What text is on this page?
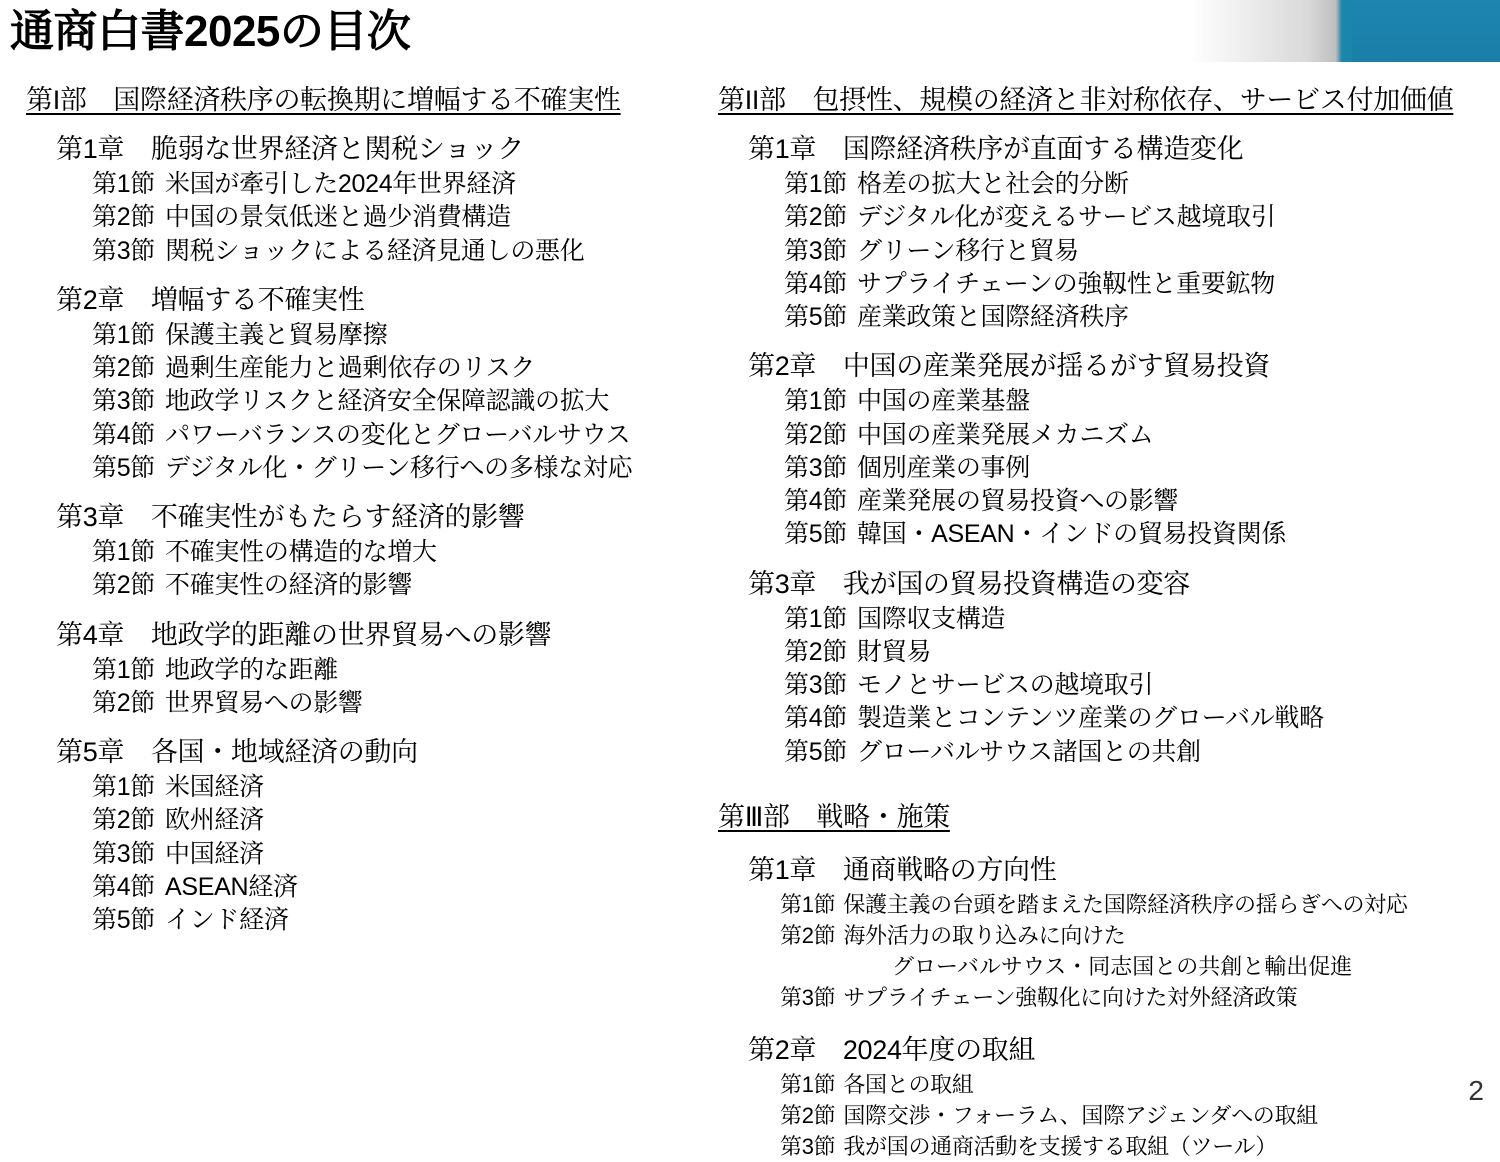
通商白書2025の目次
第I部　国際経済秩序の転換期に増幅する不確実性
第1章　脆弱な世界経済と関税ショック
第1節 米国が牽引した2024年世界経済
第2節 中国の景気低迷と過少消費構造
第3節 関税ショックによる経済見通しの悪化
第2章　増幅する不確実性
第1節 保護主義と貿易摩擦
第2節 過剰生産能力と過剰依存のリスク
第3節 地政学リスクと経済安全保障認識の拡大
第4節 パワーバランスの変化とグローバルサウス
第5節 デジタル化・グリーン移行への多様な対応
第3章　不確実性がもたらす経済的影響
第1節 不確実性の構造的な増大
第2節 不確実性の経済的影響
第4章　地政学的距離の世界貿易への影響
第1節 地政学的な距離
第2節 世界貿易への影響
第5章　各国・地域経済の動向
第1節 米国経済
第2節 欧州経済
第3節 中国経済
第4節 ASEAN経済
第5節 インド経済
第II部　包摂性、規模の経済と非対称依存、サービス付加価値
第1章　国際経済秩序が直面する構造変化
第1節 格差の拡大と社会的分断
第2節 デジタル化が変えるサービス越境取引
第3節 グリーン移行と貿易
第4節 サプライチェーンの強靱性と重要鉱物
第5節 産業政策と国際経済秩序
第2章　中国の産業発展が揺るがす貿易投資
第1節 中国の産業基盤
第2節 中国の産業発展メカニズム
第3節 個別産業の事例
第4節 産業発展の貿易投資への影響
第5節 韓国・ASEAN・インドの貿易投資関係
第3章　我が国の貿易投資構造の変容
第1節 国際収支構造
第2節 財貿易
第3節 モノとサービスの越境取引
第4節 製造業とコンテンツ産業のグローバル戦略
第5節 グローバルサウス諸国との共創
第Ⅲ部　戦略・施策
第1章　通商戦略の方向性
第1節 保護主義の台頭を踏まえた国際経済秩序の揺らぎへの対応
第2節 海外活力の取り込みに向けた
グローバルサウス・同志国との共創と輸出促進
第3節 サプライチェーン強靱化に向けた対外経済政策
第2章　2024年度の取組
第1節 各国との取組
第2節 国際交渉・フォーラム、国際アジェンダへの取組
第3節 我が国の通商活動を支援する取組（ツール）
2
